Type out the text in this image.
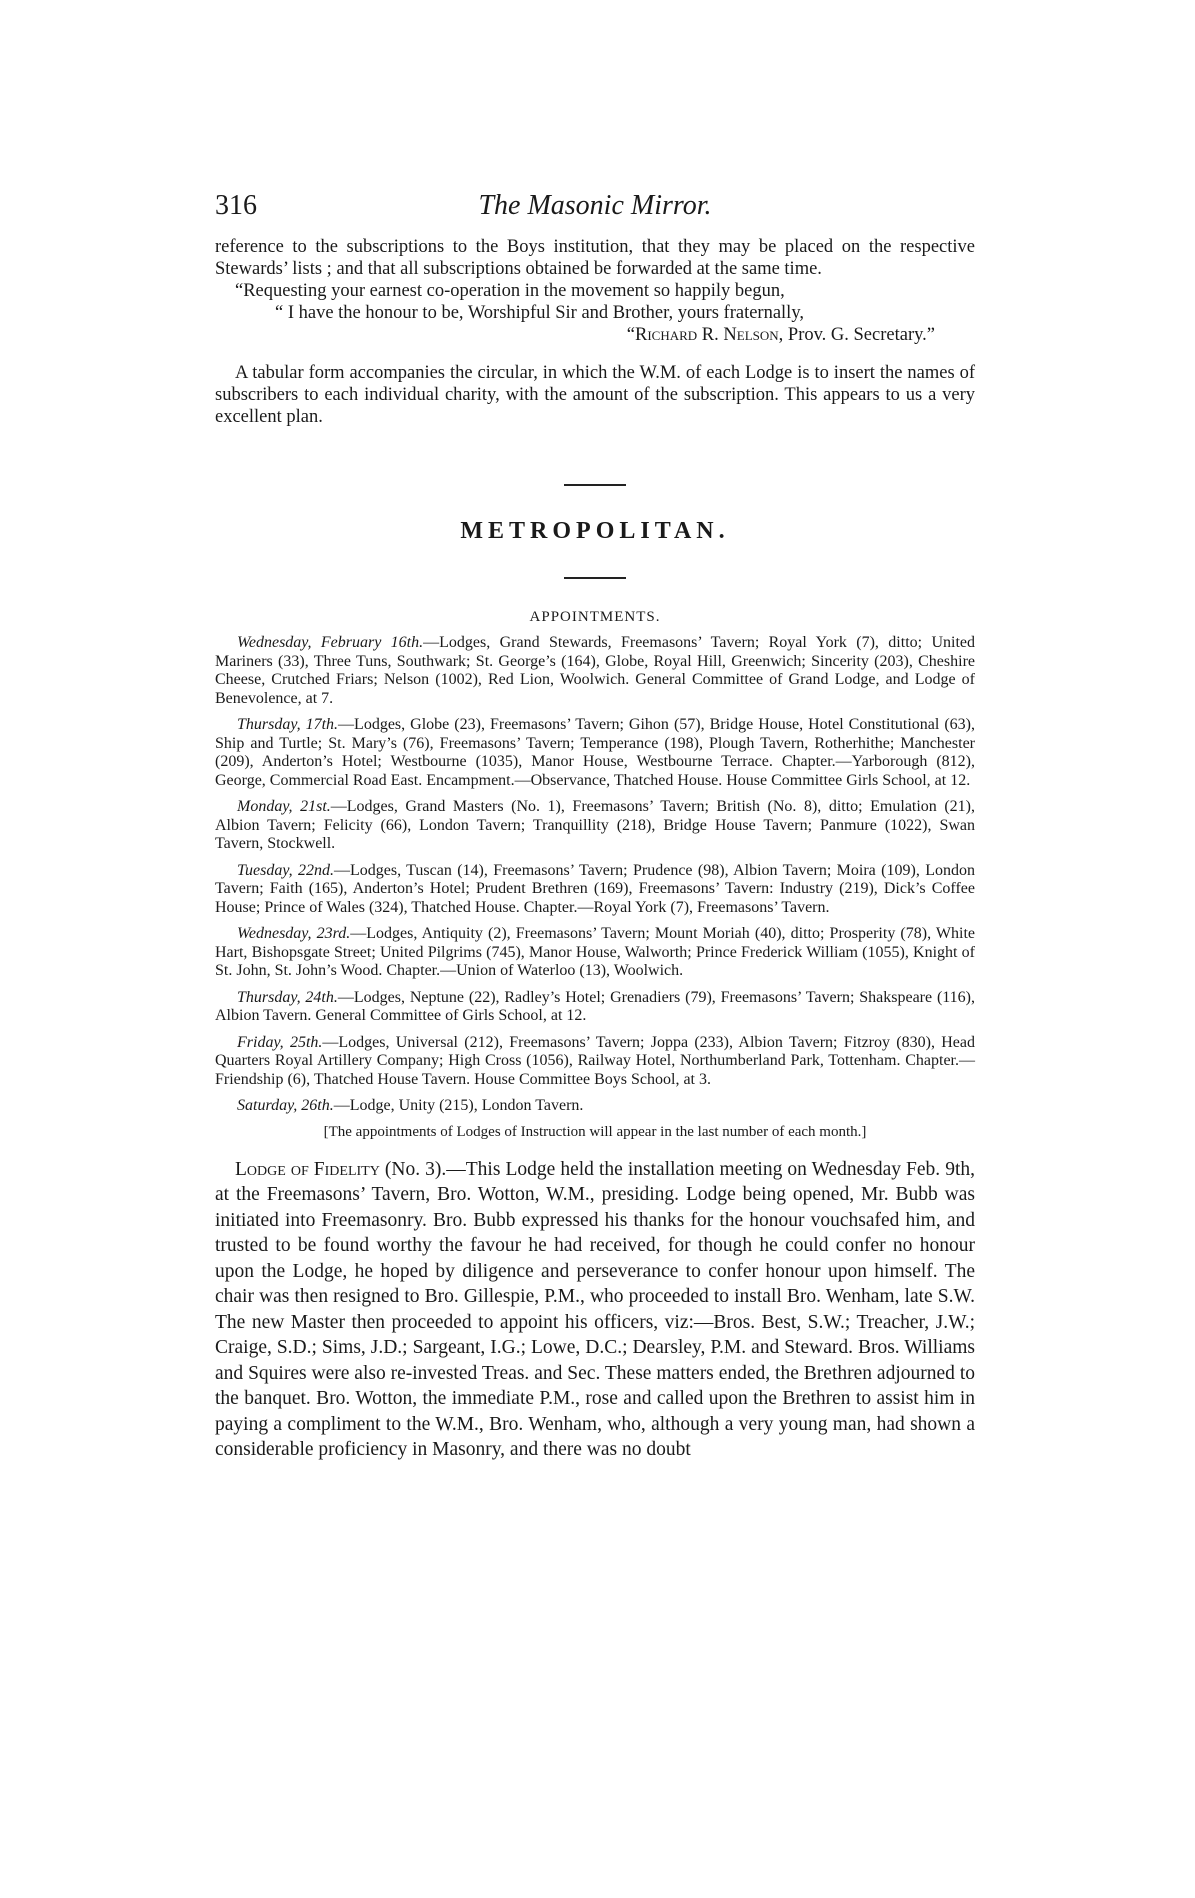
316	The Masonic Mirror.

reference to the subscriptions to the Boys institution, that they may be placed on the respective Stewards’ lists ; and that all subscriptions obtained be forwarded at the same time.

“Requesting your earnest co-operation in the movement so happily begun,

“ I have the honour to be, Worshipful Sir and Brother, yours fraternally,

“Richard R. Nelson, Prov. G. Secretary.”

A tabular form accompanies the circular, in which the W.M. of each Lodge is to insert the names of subscribers to each individual charity, with the amount of the subscription. This appears to us a very excellent plan.

METROPOLITAN.
APPOINTMENTS.

Wednesday, February 16th.—Lodges, Grand Stewards, Freemasons’ Tavern; Royal York (7), ditto; United Mariners (33), Three Tuns, Southwark; St. George’s (164), Globe, Royal Hill, Greenwich; Sincerity (203), Cheshire Cheese, Crutched Friars; Nelson (1002), Red Lion, Woolwich. General Committee of Grand Lodge, and Lodge of Benevolence, at 7.

Thursday, 17th.—Lodges, Globe (23), Freemasons’ Tavern; Gihon (57), Bridge House, Hotel Constitutional (63), Ship and Turtle; St. Mary’s (76), Freemasons’ Tavern; Temperance (198), Plough Tavern, Rotherhithe; Manchester (209), Anderton’s Hotel; Westbourne (1035), Manor House, Westbourne Terrace. Chapter.—Yarborough (812), George, Commercial Road East. Encampment.—Observance, Thatched House. House Committee Girls School, at 12.

Monday, 21st.—Lodges, Grand Masters (No. 1), Freemasons’ Tavern; British (No. 8), ditto; Emulation (21), Albion Tavern; Felicity (66), London Tavern; Tranquillity (218), Bridge House Tavern; Panmure (1022), Swan Tavern, Stockwell.

Tuesday, 22nd.—Lodges, Tuscan (14), Freemasons’ Tavern; Prudence (98), Albion Tavern; Moira (109), London Tavern; Faith (165), Anderton’s Hotel; Prudent Brethren (169), Freemasons’ Tavern: Industry (219), Dick’s Coffee House; Prince of Wales (324), Thatched House. Chapter.—Royal York (7), Freemasons’ Tavern.

Wednesday, 23rd.—Lodges, Antiquity (2), Freemasons’ Tavern; Mount Moriah (40), ditto; Prosperity (78), White Hart, Bishopsgate Street; United Pilgrims (745), Manor House, Walworth; Prince Frederick William (1055), Knight of St. John, St. John’s Wood. Chapter.—Union of Waterloo (13), Woolwich.

Thursday, 24th.—Lodges, Neptune (22), Radley’s Hotel; Grenadiers (79), Freemasons’ Tavern; Shakspeare (116), Albion Tavern. General Committee of Girls School, at 12.

Friday, 25th.—Lodges, Universal (212), Freemasons’ Tavern; Joppa (233), Albion Tavern; Fitzroy (830), Head Quarters Royal Artillery Company; High Cross (1056), Railway Hotel, Northumberland Park, Tottenham. Chapter.—Friendship (6), Thatched House Tavern. House Committee Boys School, at 3.

Saturday, 26th.—Lodge, Unity (215), London Tavern.

[The appointments of Lodges of Instruction will appear in the last number of each month.]

Lodge of Fidelity (No. 3).—This Lodge held the installation meeting on Wednesday Feb. 9th, at the Freemasons’ Tavern, Bro. Wotton, W.M., presiding. Lodge being opened, Mr. Bubb was initiated into Freemasonry. Bro. Bubb expressed his thanks for the honour vouchsafed him, and trusted to be found worthy the favour he had received, for though he could confer no honour upon the Lodge, he hoped by diligence and perseverance to confer honour upon himself. The chair was then resigned to Bro. Gillespie, P.M., who proceeded to install Bro. Wenham, late S.W. The new Master then proceeded to appoint his officers, viz:—Bros. Best, S.W.; Treacher, J.W.; Craige, S.D.; Sims, J.D.; Sargeant, I.G.; Lowe, D.C.; Dearsley, P.M. and Steward. Bros. Williams and Squires were also re-invested Treas. and Sec. These matters ended, the Brethren adjourned to the banquet. Bro. Wotton, the immediate P.M., rose and called upon the Brethren to assist him in paying a compliment to the W.M., Bro. Wenham, who, although a very young man, had shown a considerable proficiency in Masonry, and there was no doubt
